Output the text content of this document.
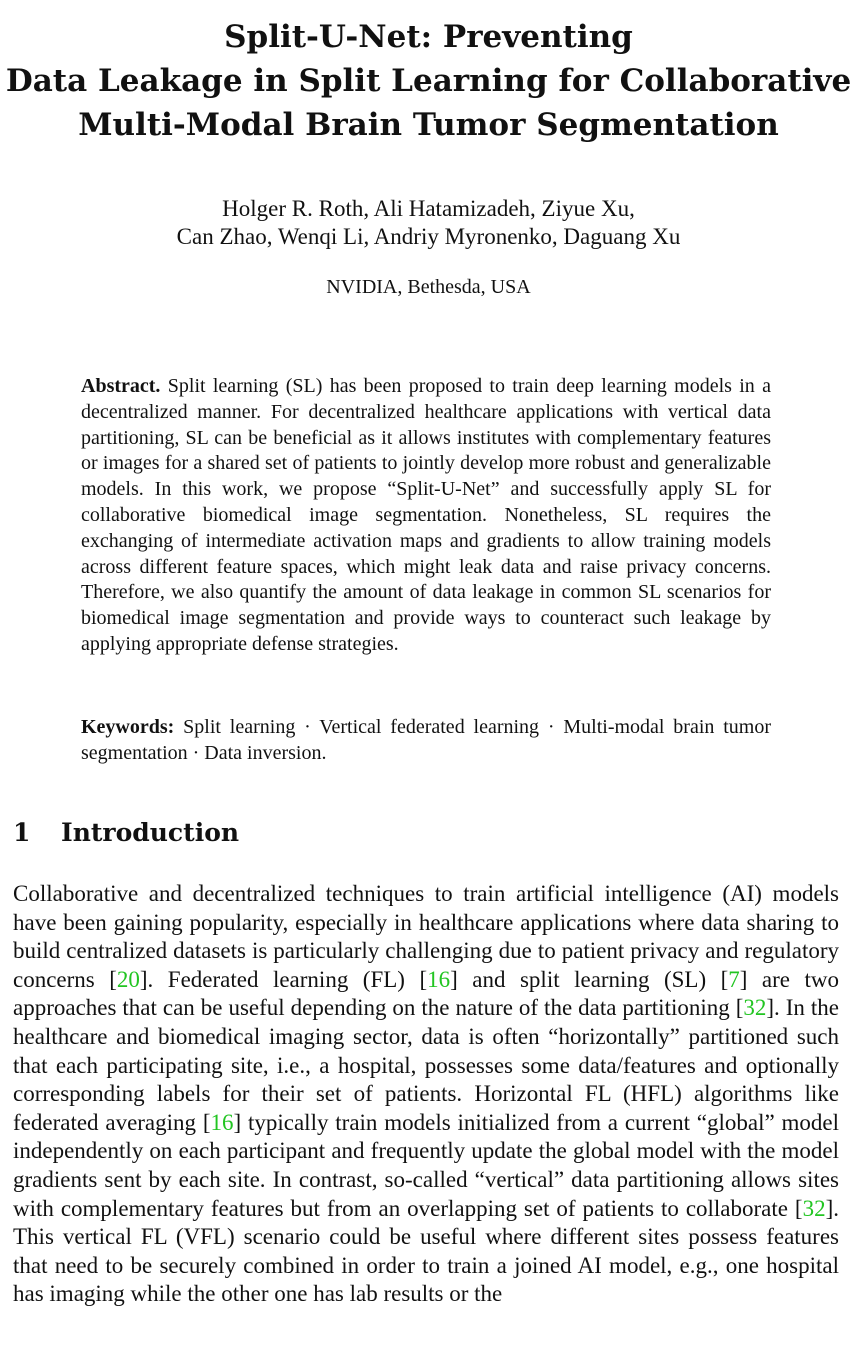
Split-U-Net: Preventing
Data Leakage in Split Learning for Collaborative
Multi-Modal Brain Tumor Segmentation
Holger R. Roth, Ali Hatamizadeh, Ziyue Xu,
Can Zhao, Wenqi Li, Andriy Myronenko, Daguang Xu
NVIDIA, Bethesda, USA
Abstract. Split learning (SL) has been proposed to train deep learning models in a decentralized manner. For decentralized healthcare applications with vertical data partitioning, SL can be beneficial as it allows institutes with complementary features or images for a shared set of patients to jointly develop more robust and generalizable models. In this work, we propose “Split-U-Net” and successfully apply SL for collaborative biomedical image segmentation. Nonetheless, SL requires the exchanging of intermediate activation maps and gradients to allow training models across different feature spaces, which might leak data and raise privacy concerns. Therefore, we also quantify the amount of data leakage in common SL scenarios for biomedical image segmentation and provide ways to counteract such leakage by applying appropriate defense strategies.
Keywords: Split learning · Vertical federated learning · Multi-modal brain tumor segmentation · Data inversion.
1 Introduction
Collaborative and decentralized techniques to train artificial intelligence (AI) models have been gaining popularity, especially in healthcare applications where data sharing to build centralized datasets is particularly challenging due to patient privacy and regulatory concerns [20]. Federated learning (FL) [16] and split learning (SL) [7] are two approaches that can be useful depending on the nature of the data partitioning [32]. In the healthcare and biomedical imaging sector, data is often “horizontally” partitioned such that each participating site, i.e., a hospital, possesses some data/features and optionally corresponding labels for their set of patients. Horizontal FL (HFL) algorithms like federated averaging [16] typically train models initialized from a current “global” model independently on each participant and frequently update the global model with the model gradients sent by each site. In contrast, so-called “vertical” data partitioning allows sites with complementary features but from an overlapping set of patients to collaborate [32]. This vertical FL (VFL) scenario could be useful where different sites possess features that need to be securely combined in order to train a joined AI model, e.g., one hospital has imaging while the other one has lab results or the
